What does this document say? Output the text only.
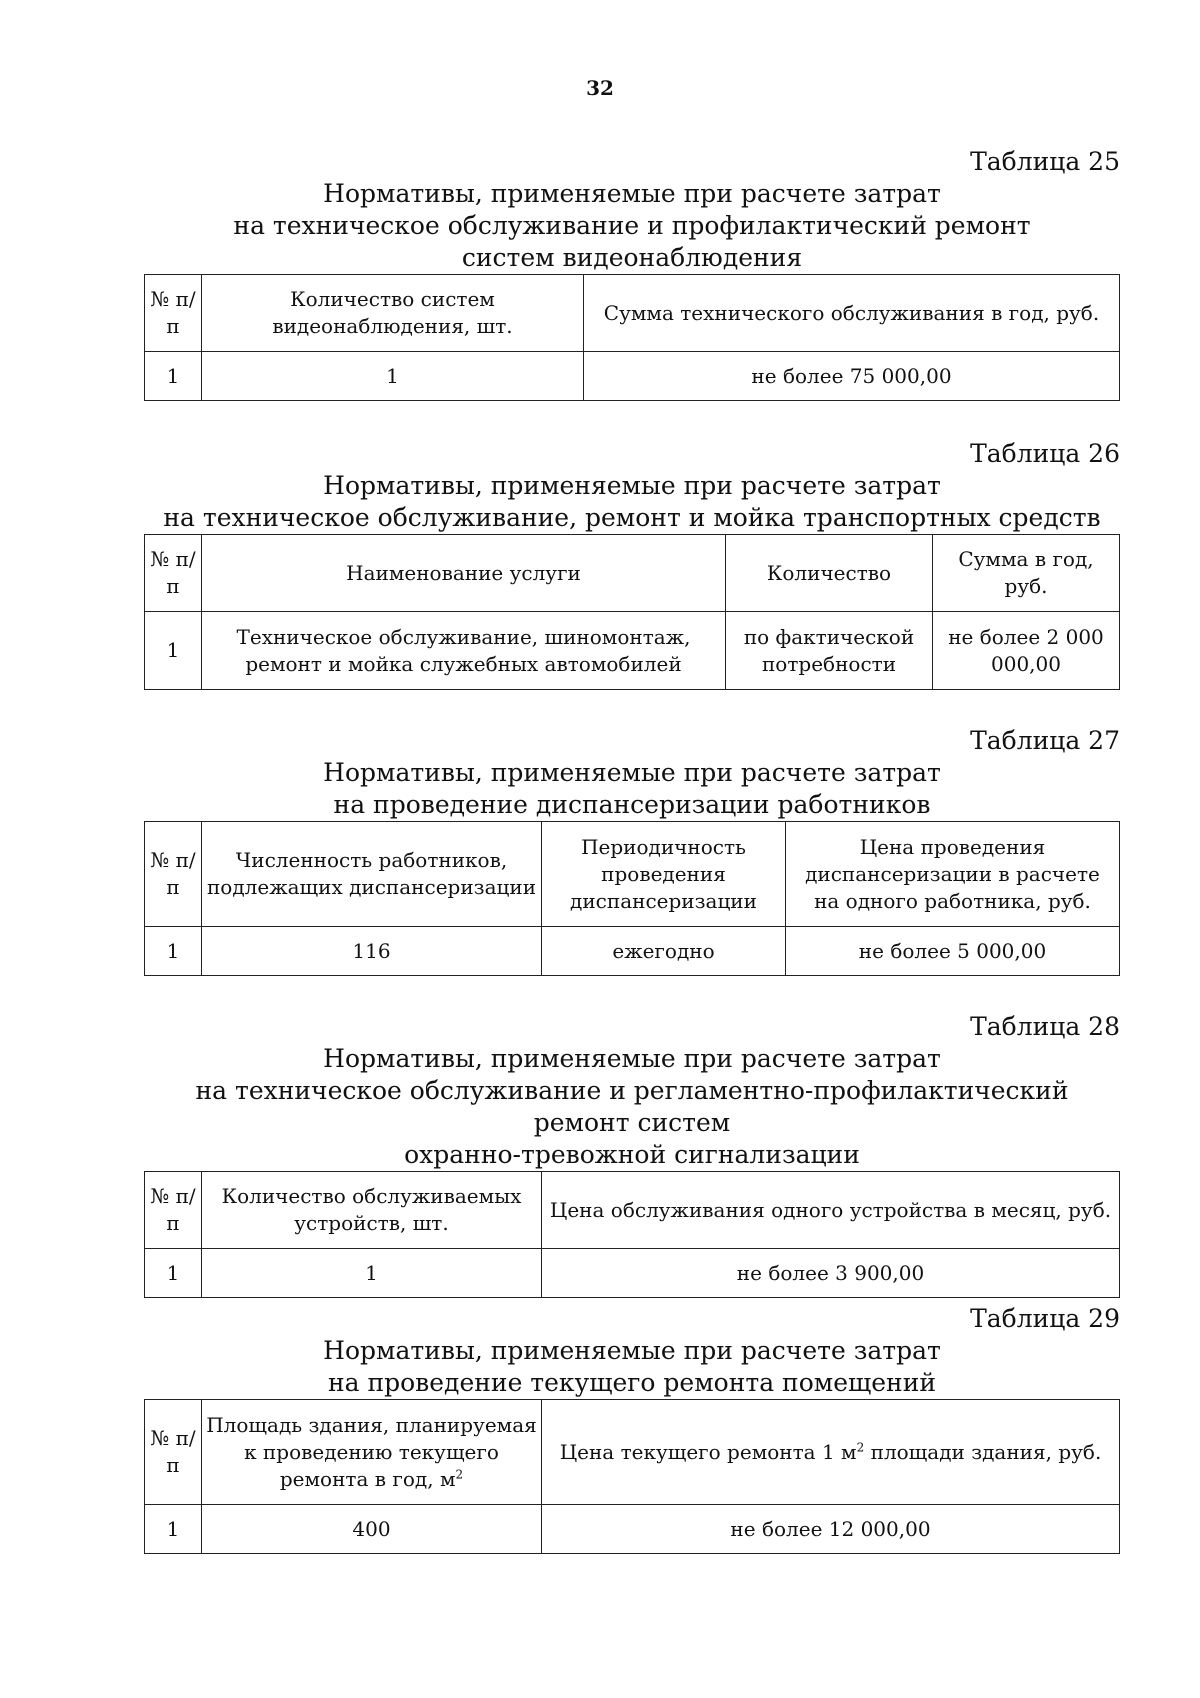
32
Таблица 25
Нормативы, применяемые при расчете затрат
на техническое обслуживание и профилактический ремонт
систем видеонаблюдения
№ п/п	Количество систем видеонаблюдения, шт.	Сумма технического обслуживания в год, руб.
1	1	не более 75 000,00
Таблица 26
Нормативы, применяемые при расчете затрат
на техническое обслуживание, ремонт и мойка транспортных средств
№ п/п	Наименование услуги	Количество	Сумма в год, руб.
1	Техническое обслуживание, шиномонтаж, ремонт и мойка служебных автомобилей	по фактической потребности	не более 2 000 000,00
Таблица 27
Нормативы, применяемые при расчете затрат
на проведение диспансеризации работников
№ п/п	Численность работников, подлежащих диспансеризации	Периодичность проведения диспансеризации	Цена проведения диспансеризации в расчете на одного работника, руб.
1	116	ежегодно	не более 5 000,00
Таблица 28
Нормативы, применяемые при расчете затрат
на техническое обслуживание и регламентно-профилактический ремонт систем
охранно-тревожной сигнализации
№ п/п	Количество обслуживаемых устройств, шт.	Цена обслуживания одного устройства в месяц, руб.
1	1	не более 3 900,00
Таблица 29
Нормативы, применяемые при расчете затрат
на проведение текущего ремонта помещений
№ п/п	Площадь здания, планируемая к проведению текущего ремонта в год, $м^2$	Цена текущего ремонта 1 $м^2$ площади здания, руб.
1	400	не более 12 000,00
